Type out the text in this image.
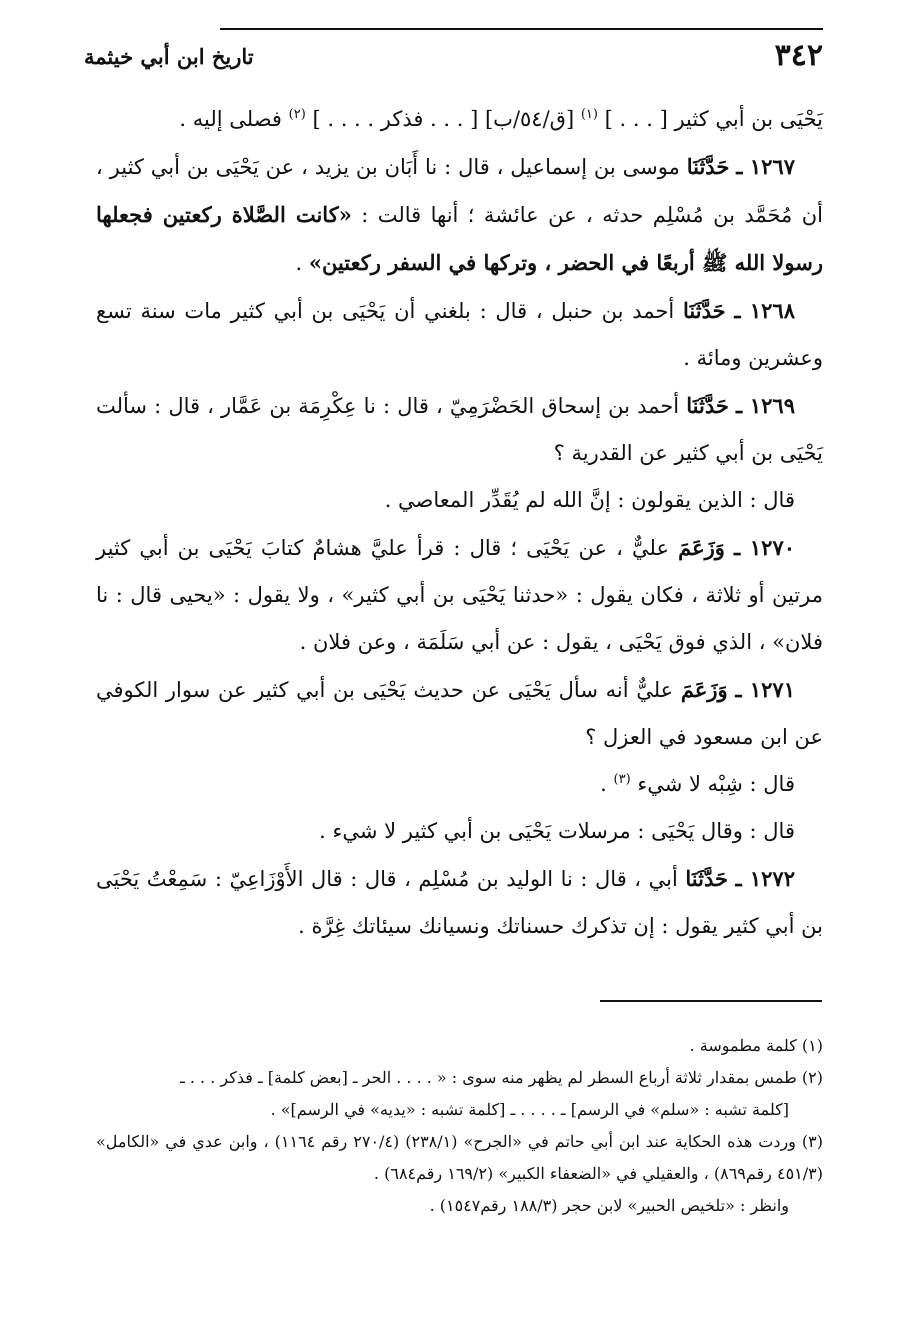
٣٤٢
تاريخ ابن أبي خيثمة

يَحْيَى بن أبي كثير [ . . . ] $^{(١)}$ [ق/٥٤/ب] [ . . . فذكر . . . . ] $^{(٢)}$ فصلى إليه .

١٢٦٧ ـ حَدَّثَنَا موسى بن إسماعيل ، قال : نا أَبَان بن يزيد ، عن يَحْيَى بن أبي كثير ، أن مُحَمَّد بن مُسْلِم حدثه ، عن عائشة ؛ أنها قالت : «كانت الصَّلاة ركعتين فجعلها رسولا الله ﷺ أربعًا في الحضر ، وتركها في السفر ركعتين» .

١٢٦٨ ـ حَدَّثَنَا أحمد بن حنبل ، قال : بلغني أن يَحْيَى بن أبي كثير مات سنة تسع وعشرين ومائة .

١٢٦٩ ـ حَدَّثَنَا أحمد بن إسحاق الحَضْرَمِيّ ، قال : نا عِكْرِمَة بن عَمَّار ، قال : سألت يَحْيَى بن أبي كثير عن القدرية ؟

قال : الذين يقولون : إنَّ الله لم يُقَدِّر المعاصي .

١٢٧٠ ـ وَزَعَمَ عليٌّ ، عن يَحْيَى ؛ قال : قرأ عليَّ هشامٌ كتابَ يَحْيَى بن أبي كثير مرتين أو ثلاثة ، فكان يقول : «حدثنا يَحْيَى بن أبي كثير» ، ولا يقول : «يحيى قال : نا فلان» ، الذي فوق يَحْيَى ، يقول : عن أبي سَلَمَة ، وعن فلان .

١٢٧١ ـ وَزَعَمَ عليٌّ أنه سأل يَحْيَى عن حديث يَحْيَى بن أبي كثير عن سوار الكوفي عن ابن مسعود في العزل ؟

قال : شِبْه لا شيء $^{(٣)}$ .

قال : وقال يَحْيَى : مرسلات يَحْيَى بن أبي كثير لا شيء .

١٢٧٢ ـ حَدَّثَنَا أبي ، قال : نا الوليد بن مُسْلِم ، قال : قال الأَوْزَاعِيّ : سَمِعْتُ يَحْيَى بن أبي كثير يقول : إن تذكرك حسناتك ونسيانك سيئاتك غِرَّة .

(١) كلمة مطموسة .

(٢) طمس بمقدار ثلاثة أرباع السطر لم يظهر منه سوى : « . . . . الحر ـ [بعض كلمة] ـ فذكر . . . ـ
[كلمة تشبه : «سلم» في الرسم] ـ . . . . ـ [كلمة تشبه : «يديه» في الرسم]» .

(٣) وردت هذه الحكاية عند ابن أبي حاتم في «الجرح» (٢٣٨/١) (٢٧٠/٤ رقم ١١٦٤) ، وابن عدي في «الكامل» (٤٥١/٣ رقم٨٦٩) ، والعقيلي في «الضعفاء الكبير» (١٦٩/٢ رقم٦٨٤) .
وانظر : «تلخيص الحبير» لابن حجر (١٨٨/٣ رقم١٥٤٧) .
